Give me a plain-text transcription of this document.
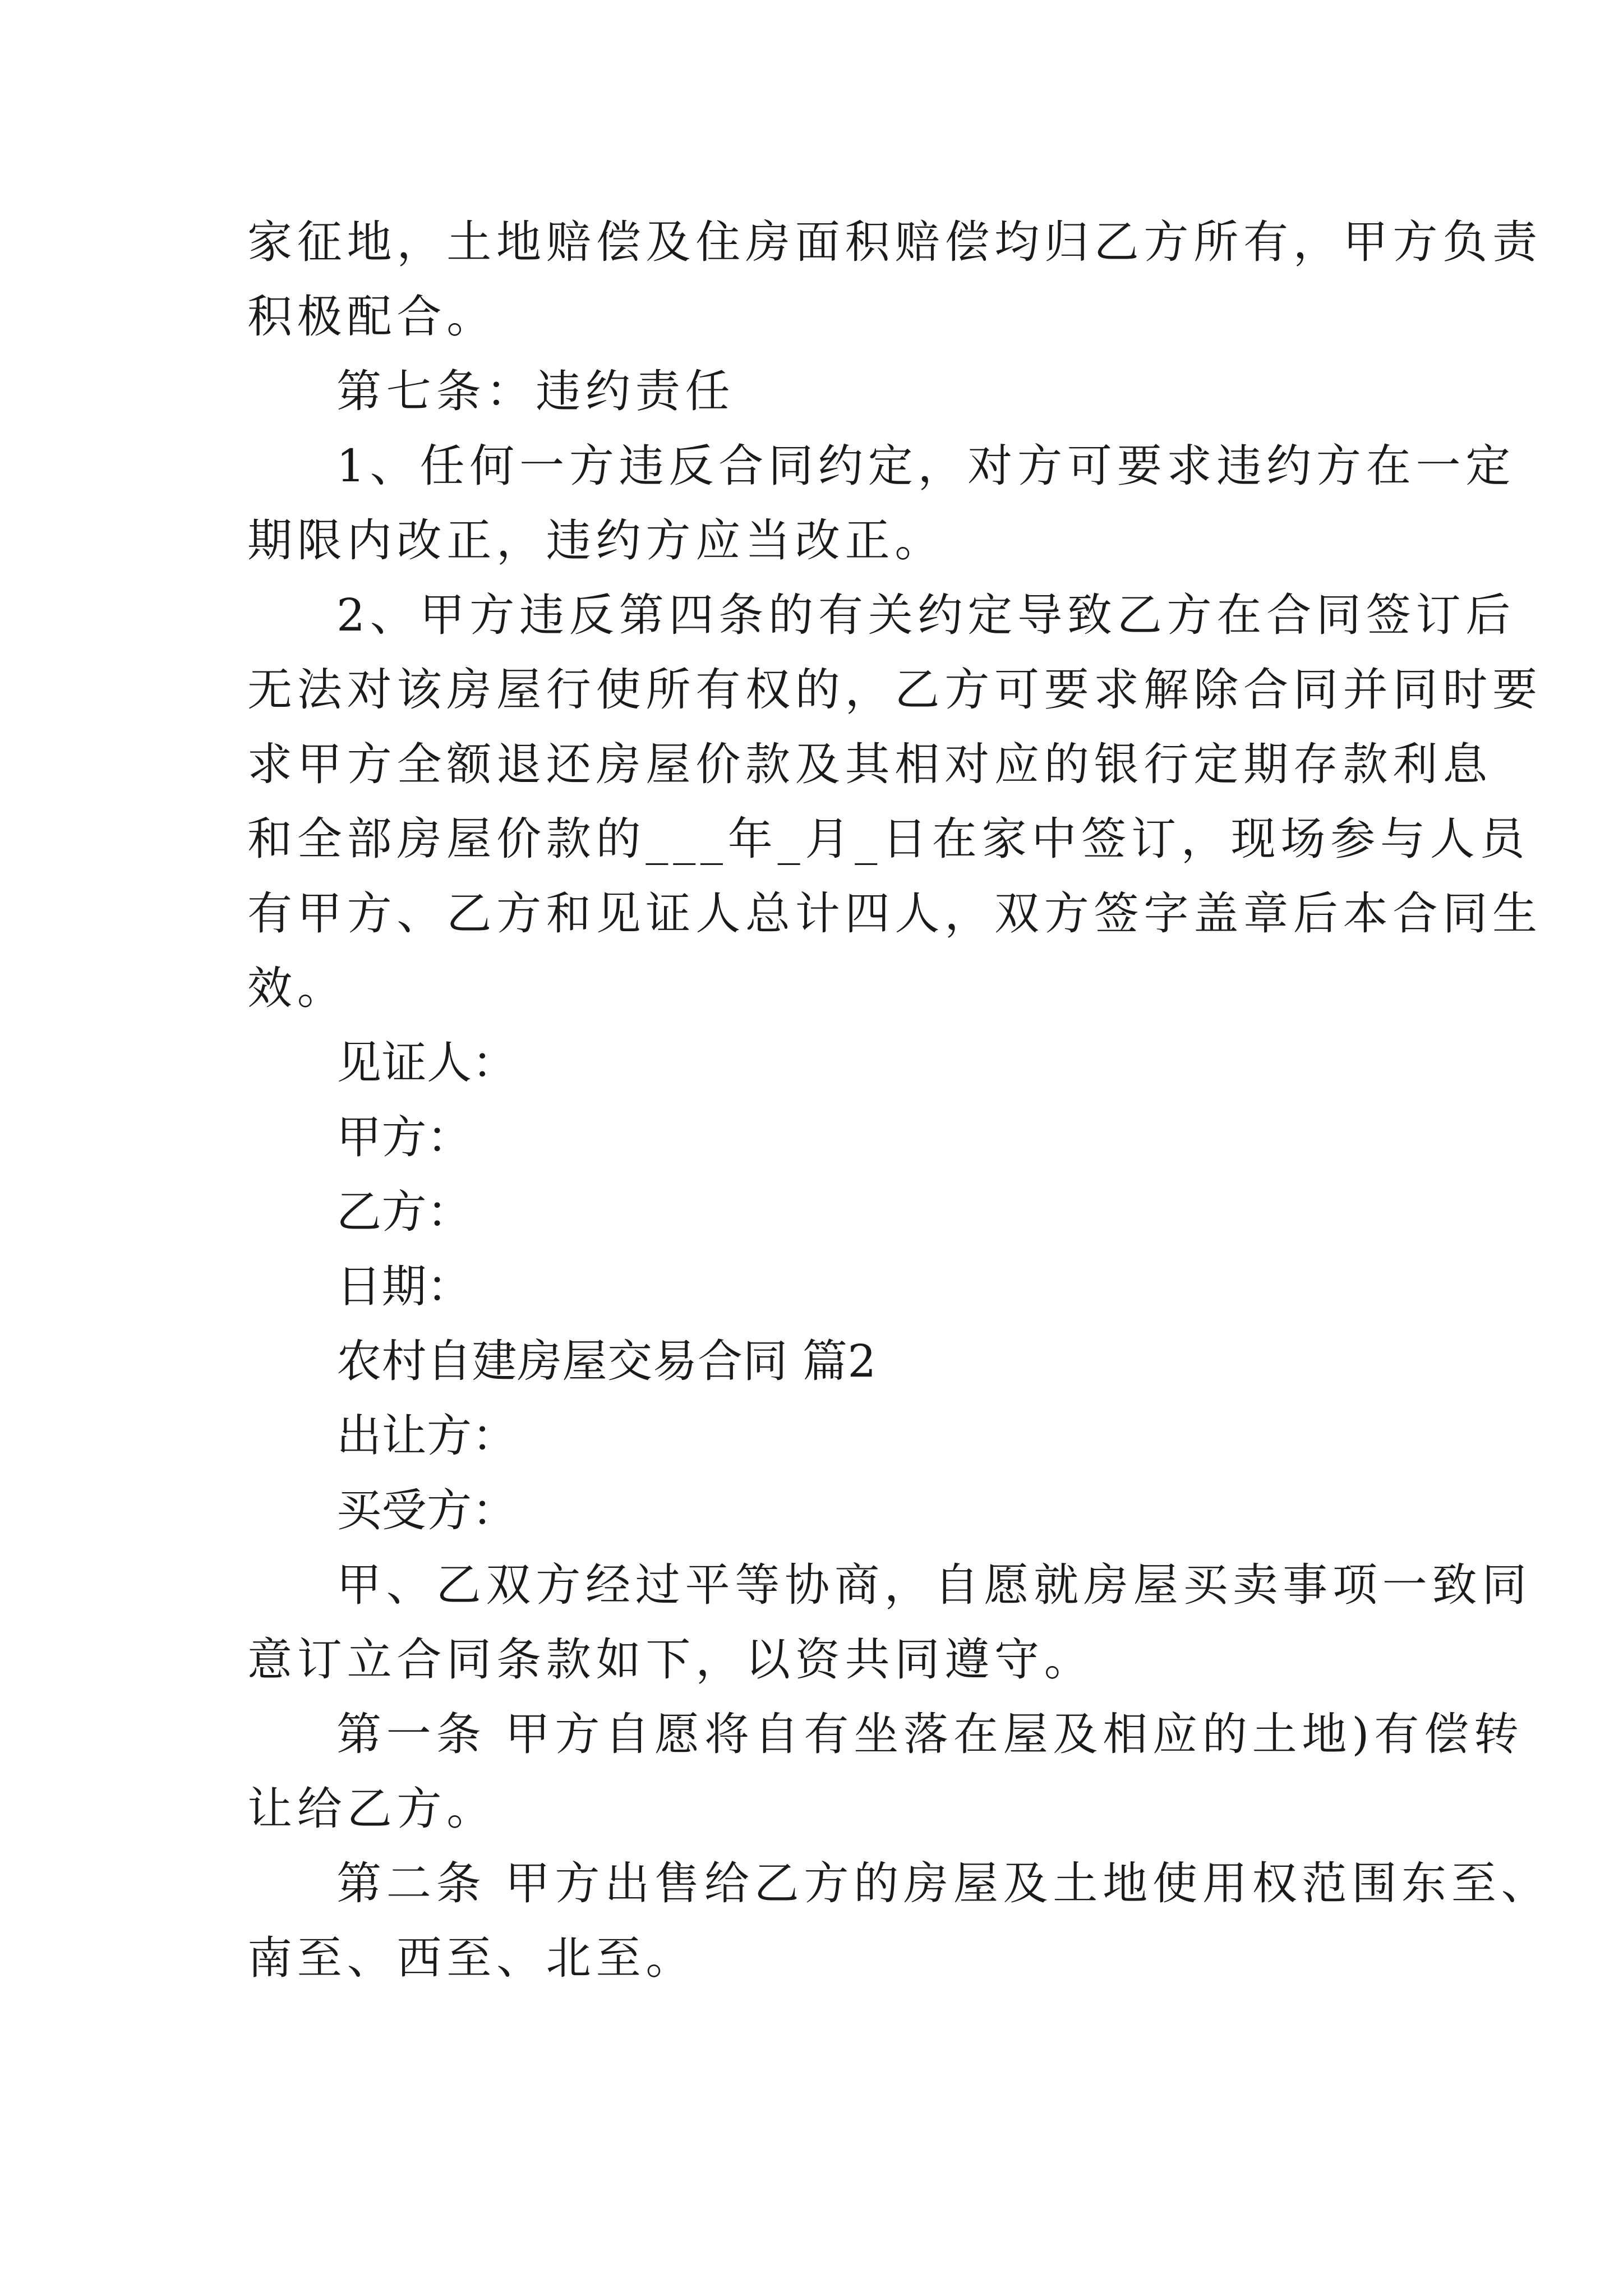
家征地，土地赔偿及住房面积赔偿均归乙方所有，甲方负责

积极配合。

第七条：违约责任

1、任何一方违反合同约定，对方可要求违约方在一定

期限内改正，违约方应当改正。

2、甲方违反第四条的有关约定导致乙方在合同签订后

无法对该房屋行使所有权的，乙方可要求解除合同并同时要

求甲方全额退还房屋价款及其相对应的银行定期存款利息

和全部房屋价款的___年_月_日在家中签订，现场参与人员

有甲方、乙方和见证人总计四人，双方签字盖章后本合同生

效。

见证人：

甲方：

乙方：

日期：

农村自建房屋交易合同 篇2

出让方：

买受方：

甲、乙双方经过平等协商，自愿就房屋买卖事项一致同

意订立合同条款如下，以资共同遵守。

第一条 甲方自愿将自有坐落在屋及相应的土地)有偿转

让给乙方。

第二条 甲方出售给乙方的房屋及土地使用权范围东至、

南至、西至、北至。
